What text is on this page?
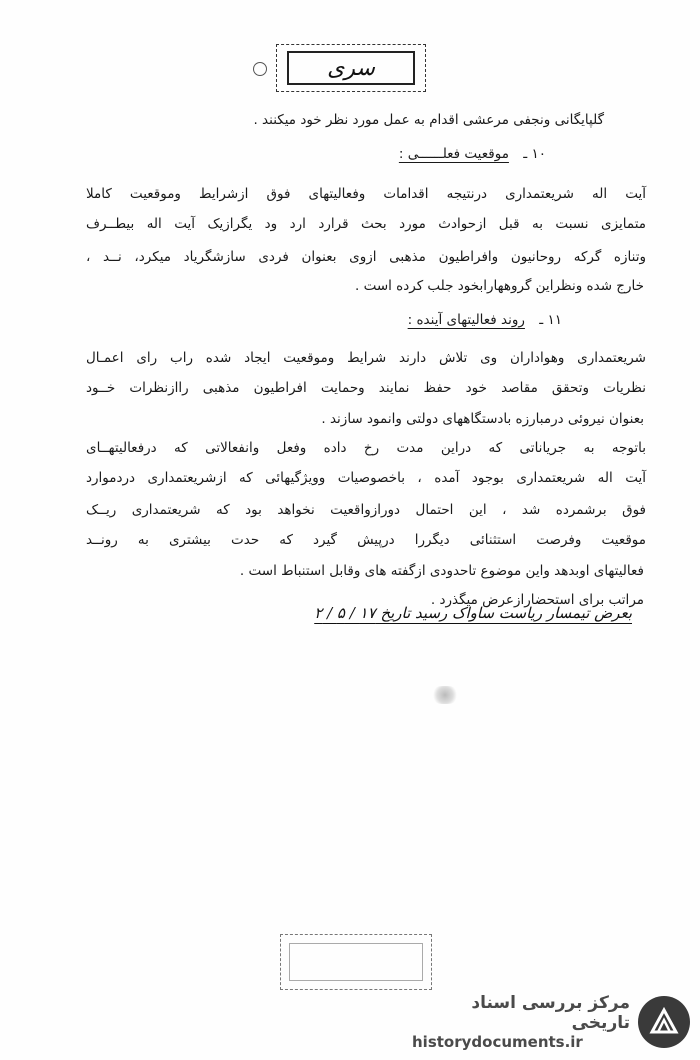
سری
گلپایگانی ونجفی مرعشی اقدام به عمل مورد نظر خود میکنند .
۱۰ ـ موقعیت فعلــــــی :
آیت اله شریعتمداری درنتیجه اقدامات وفعالیتهای فوق ازشرایط وموقعیت کاملا
متمایزی نسبت به قبل ازحوادث مورد بحث قرارد ارد ود یگرازیک آیت اله بیطــرف
وتنازه گرکه روحانیون وافراطیون مذهبی ازوی بعنوان فردی سازشگریاد میکرد، نــد ،
خارج شده ونظراین گروههارابخود جلب کرده است .
۱۱ ـ روند فعالیتهای آینده :
شریعتمداری وهواداران وی تلاش دارند شرایط وموقعیت ایجاد شده راب رای اعمـال
نظریات وتحقق مقاصد خود حفظ نمایند وحمایت افراطیون مذهبی راازنظرات خــود
بعنوان نیروئی درمبارزه بادستگاههای دولتی وانمود سازند .
باتوجه به جریاناتی که دراین مدت رخ داده وفعل وانفعالاتی که درفعالیتهــای
آیت اله شریعتمداری بوجود آمده ، باخصوصیات وویژگیهائی که ازشریعتمداری دردموارد
فوق برشمرده شد ، این احتمال دورازواقعیت نخواهد بود که شریعتمداری ریــک
موقعیت وفرصت استثنائی دیگررا درپیش گیرد که حدت بیشتری به رونــد
فعالیتهای اوبدهد واین موضوع تاحدودی ازگفته های وقابل استنباط است .
مراتب برای استحضارازعرض میگذرد .
بعرض تیمسار ریاست ساواک رسید تاریخ ۱۷ / ۵ / ۲
مرکز بررسی اسناد تاریخی
historydocuments.ir
